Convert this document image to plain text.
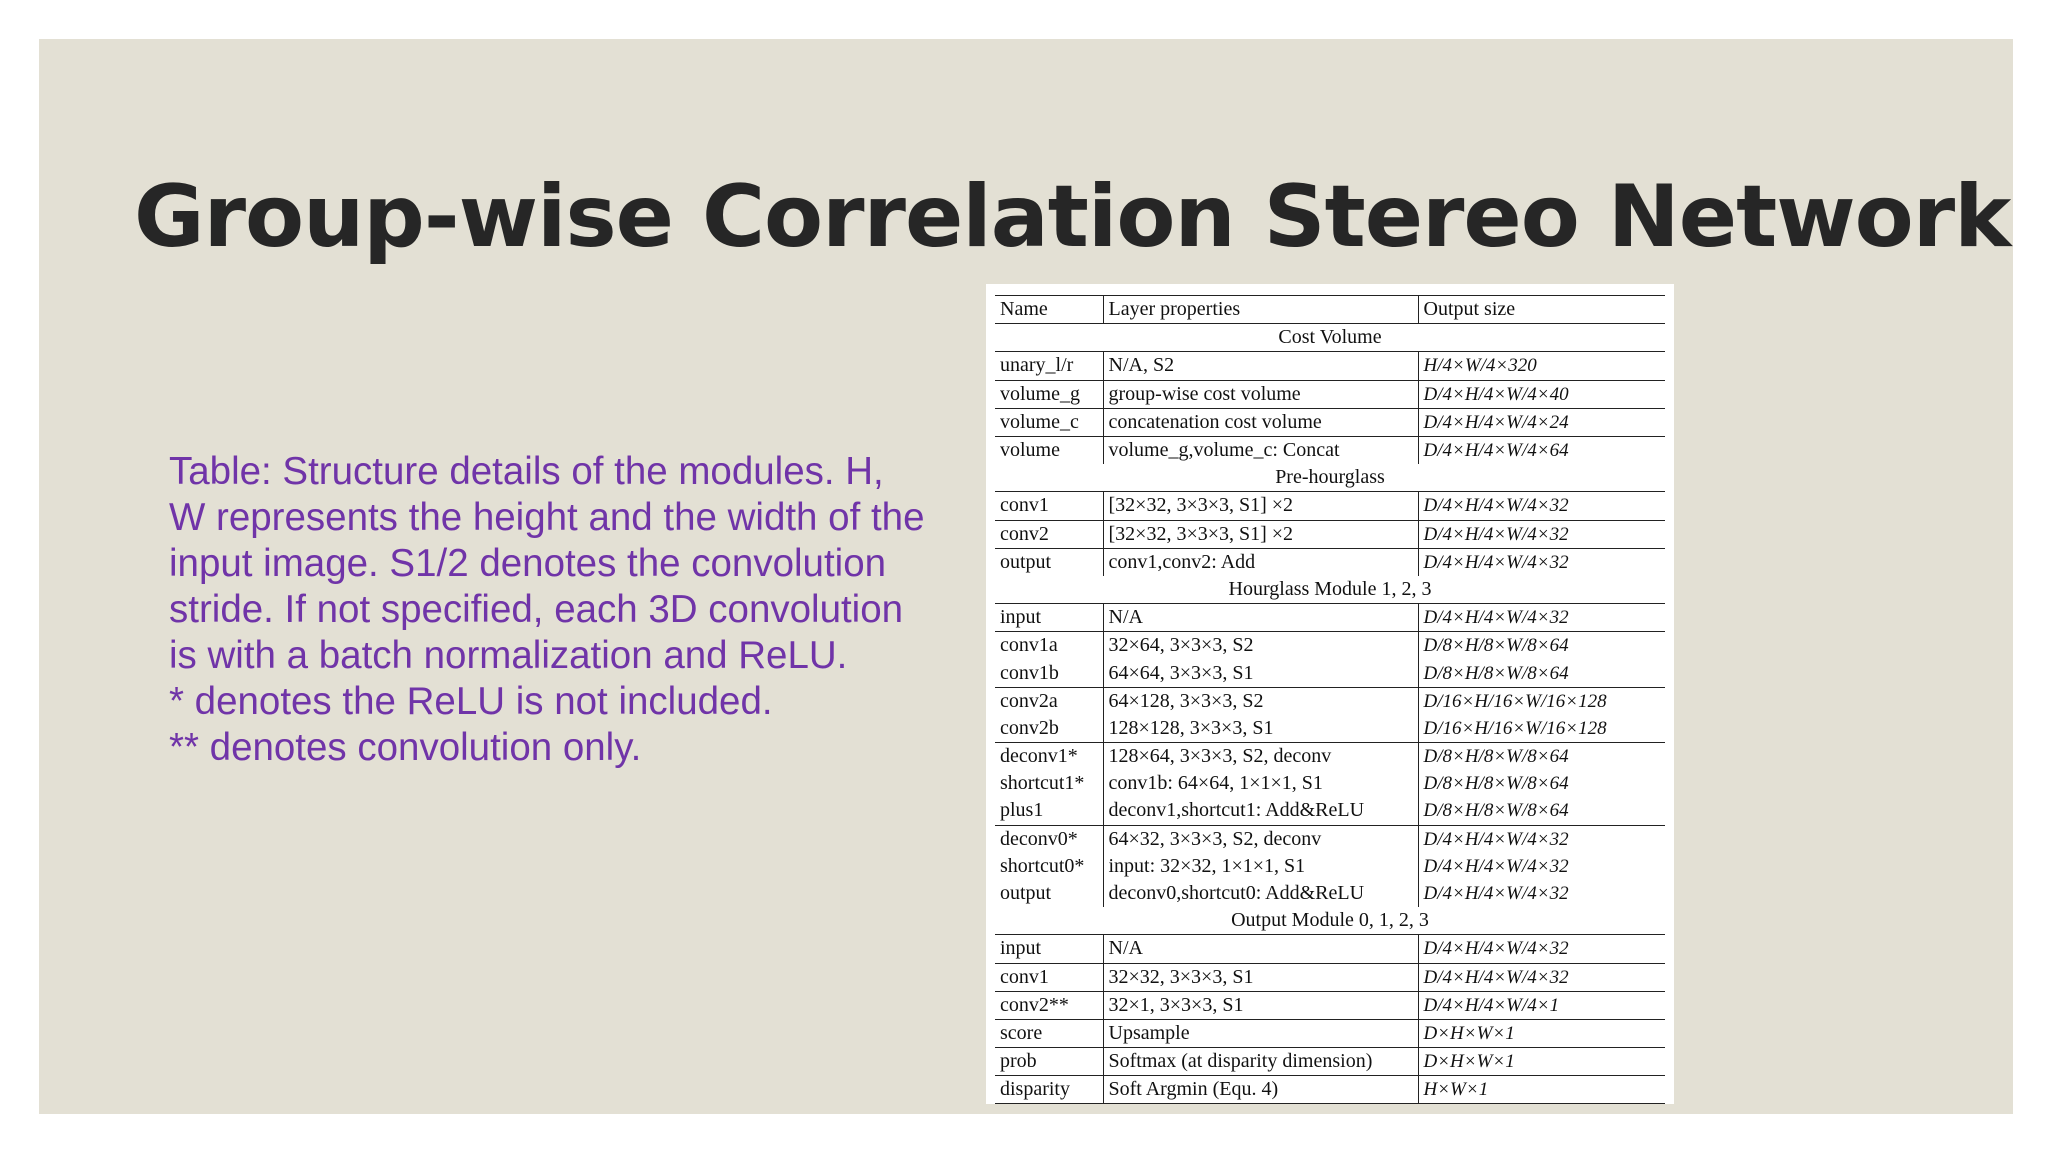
Group-wise Correlation Stereo Network

Table: Structure details of the modules. H, W represents the height and the width of the input image. S1/2 denotes the convolution stride. If not specified, each 3D convolution is with a batch normalization and ReLU.

* denotes the ReLU is not included.

** denotes convolution only.

Name	Layer properties	Output size
Cost Volume		
unary_l/r	N/A, S2	H/4×W/4×320
volume_g	group-wise cost volume	D/4×H/4×W/4×40
volume_c	concatenation cost volume	D/4×H/4×W/4×24
volume	volume_g,volume_c: Concat	D/4×H/4×W/4×64
Pre-hourglass		
conv1	[32×32, 3×3×3, S1] ×2	D/4×H/4×W/4×32
conv2	[32×32, 3×3×3, S1] ×2	D/4×H/4×W/4×32
output	conv1,conv2: Add	D/4×H/4×W/4×32
Hourglass Module 1, 2, 3		
input	N/A	D/4×H/4×W/4×32
conv1a	32×64, 3×3×3, S2	D/8×H/8×W/8×64
conv1b	64×64, 3×3×3, S1	D/8×H/8×W/8×64
conv2a	64×128, 3×3×3, S2	D/16×H/16×W/16×128
conv2b	128×128, 3×3×3, S1	D/16×H/16×W/16×128
deconv1*	128×64, 3×3×3, S2, deconv	D/8×H/8×W/8×64
shortcut1*	conv1b: 64×64, 1×1×1, S1	D/8×H/8×W/8×64
plus1	deconv1,shortcut1: Add&ReLU	D/8×H/8×W/8×64
deconv0*	64×32, 3×3×3, S2, deconv	D/4×H/4×W/4×32
shortcut0*	input: 32×32, 1×1×1, S1	D/4×H/4×W/4×32
output	deconv0,shortcut0: Add&ReLU	D/4×H/4×W/4×32
Output Module 0, 1, 2, 3		
input	N/A	D/4×H/4×W/4×32
conv1	32×32, 3×3×3, S1	D/4×H/4×W/4×32
conv2**	32×1, 3×3×3, S1	D/4×H/4×W/4×1
score	Upsample	D×H×W×1
prob	Softmax (at disparity dimension)	D×H×W×1
disparity	Soft Argmin (Equ. 4)	H×W×1
